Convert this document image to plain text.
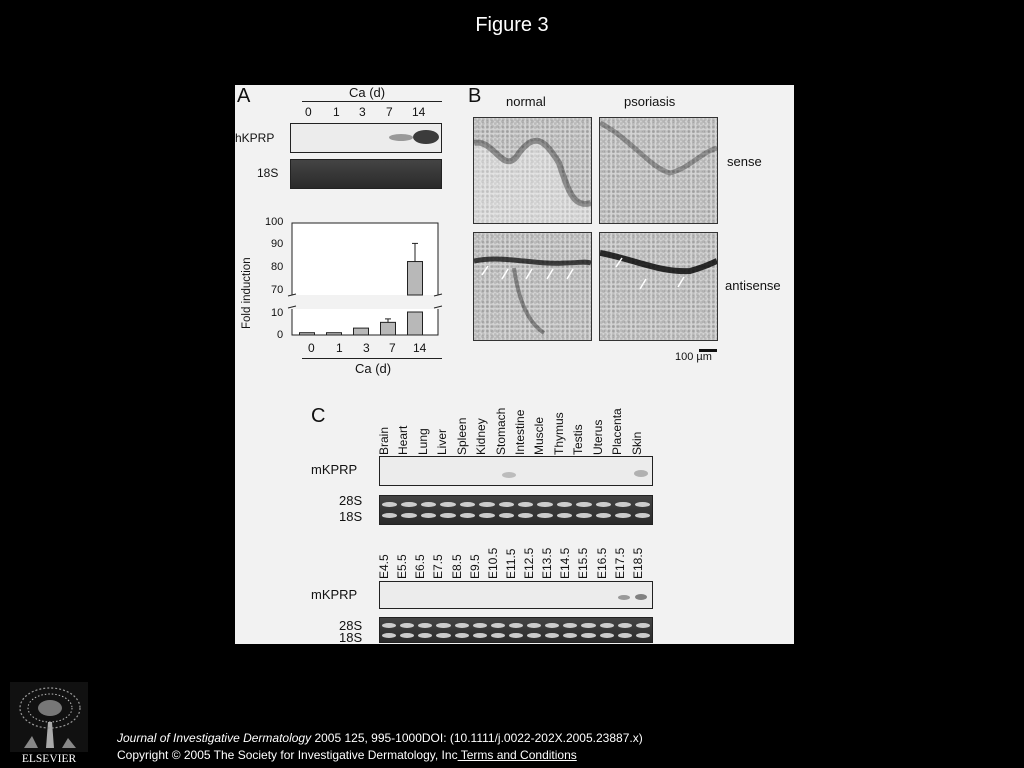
Figure 3
A	Ca (d)
0 1 3 7 14
hKPRP
18S
Fold induction
100
90
80
70
10
0
0 1 3 7 14
Ca (d)
B normal	psoriasis
sense
antisense
100 µm
C
Brain Heart Lung Liver Spleen Kidney Stomach Intestine Muscle Thymus Testis Uterus Placenta Skin
mKPRP
28S
18S
E4.5 E5.5 E6.5 E7.5 E8.5 E9.5 E10.5 E11.5 E12.5 E13.5 E14.5 E15.5 E16.5 E17.5 E18.5
mKPRP
28S
18S
ELSEVIER
Journal of Investigative Dermatology 2005 125, 995-1000DOI: (10.1111/j.0022-202X.2005.23887.x)
Copyright © 2005 The Society for Investigative Dermatology, Inc Terms and Conditions
